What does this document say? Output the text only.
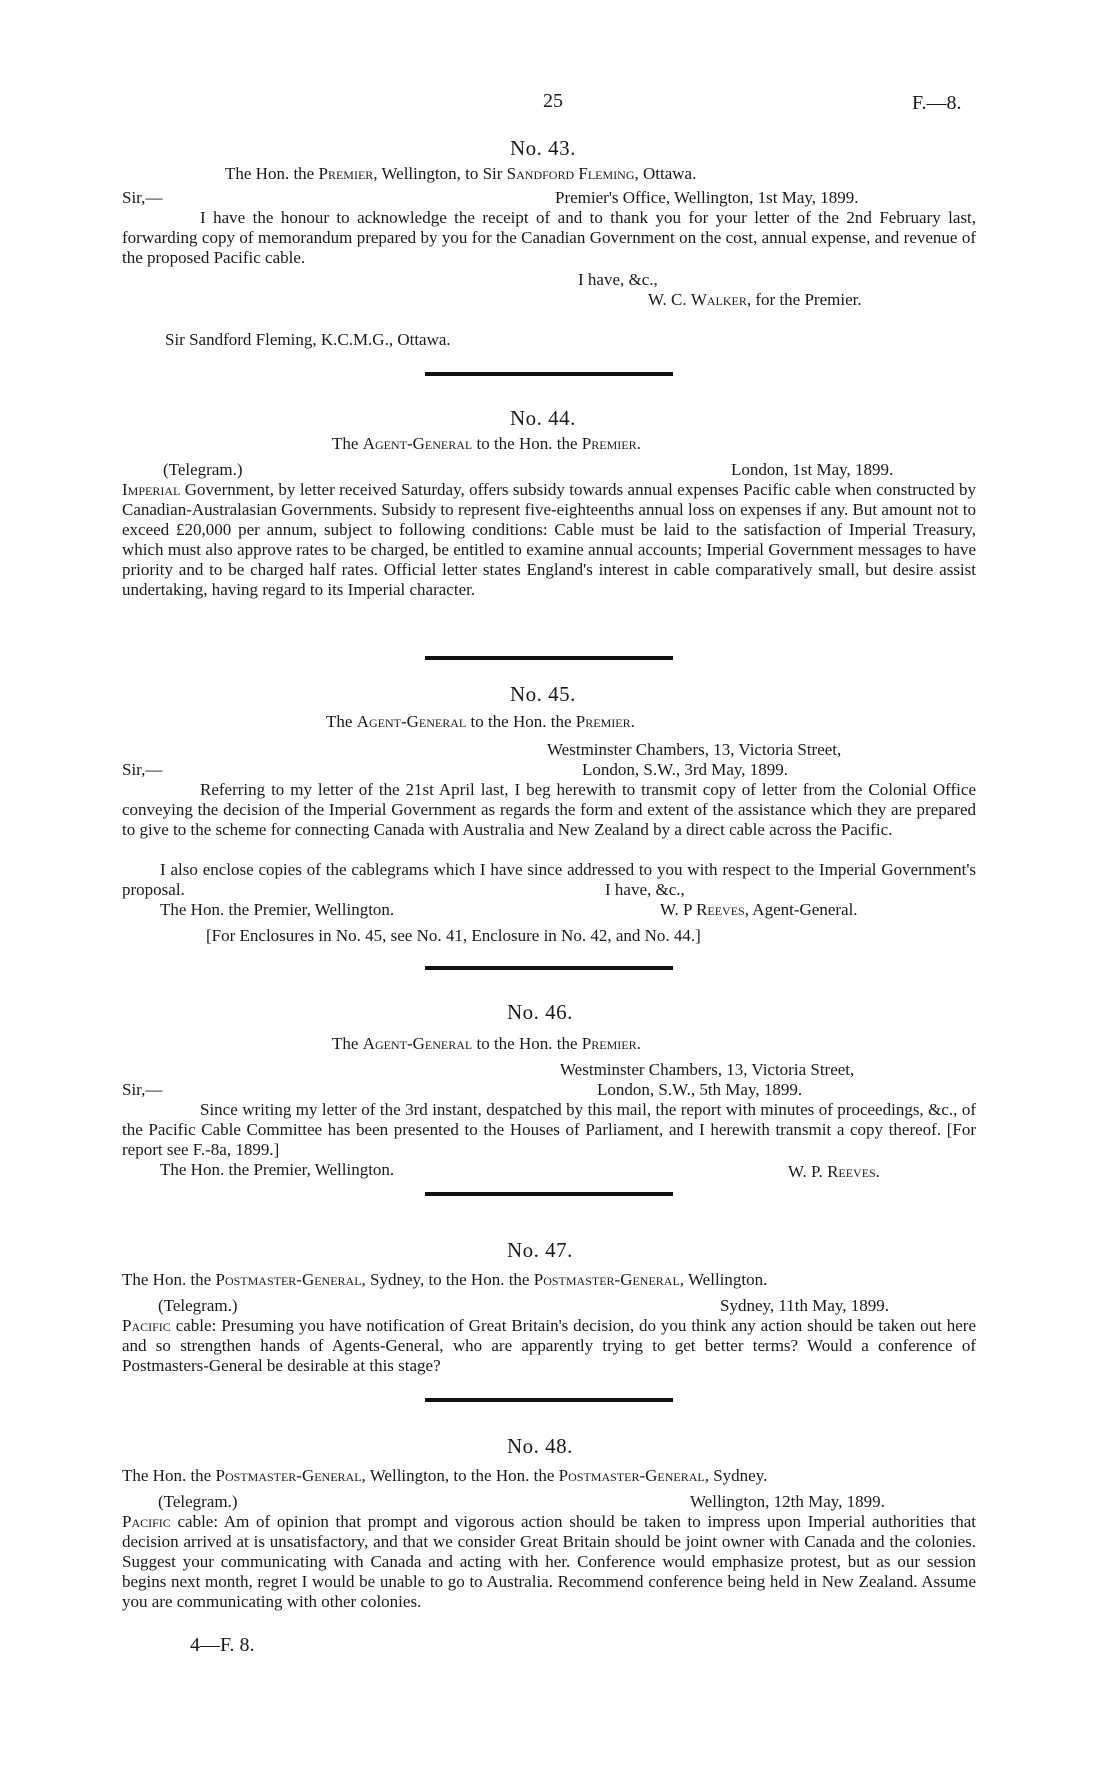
25	F.—8.
No. 43.
The Hon. the Premier, Wellington, to Sir Sandford Fleming, Ottawa.
Sir,—	Premier's Office, Wellington, 1st May, 1899.
I have the honour to acknowledge the receipt of and to thank you for your letter of the 2nd February last, forwarding copy of memorandum prepared by you for the Canadian Government on the cost, annual expense, and revenue of the proposed Pacific cable.
I have, &c.,
W. C. Walker, for the Premier.
Sir Sandford Fleming, K.C.M.G., Ottawa.
No. 44.
The Agent-General to the Hon. the Premier.
(Telegram.)	London, 1st May, 1899.
Imperial Government, by letter received Saturday, offers subsidy towards annual expenses Pacific cable when constructed by Canadian-Australasian Governments. Subsidy to represent five-eighteenths annual loss on expenses if any. But amount not to exceed £20,000 per annum, subject to following conditions: Cable must be laid to the satisfaction of Imperial Treasury, which must also approve rates to be charged, be entitled to examine annual accounts; Imperial Government messages to have priority and to be charged half rates. Official letter states England's interest in cable comparatively small, but desire assist undertaking, having regard to its Imperial character.
No. 45.
The Agent-General to the Hon. the Premier.
Westminster Chambers, 13, Victoria Street,
Sir,—	London, S.W., 3rd May, 1899.
Referring to my letter of the 21st April last, I beg herewith to transmit copy of letter from the Colonial Office conveying the decision of the Imperial Government as regards the form and extent of the assistance which they are prepared to give to the scheme for connecting Canada with Australia and New Zealand by a direct cable across the Pacific.
I also enclose copies of the cablegrams which I have since addressed to you with respect to the Imperial Government's proposal.	I have, &c.,
The Hon. the Premier, Wellington.	W. P Reeves, Agent-General.
[For Enclosures in No. 45, see No. 41, Enclosure in No. 42, and No. 44.]
No. 46.
The Agent-General to the Hon. the Premier.
Westminster Chambers, 13, Victoria Street,
Sir,—	London, S.W., 5th May, 1899.
Since writing my letter of the 3rd instant, despatched by this mail, the report with minutes of proceedings, &c., of the Pacific Cable Committee has been presented to the Houses of Parliament, and I herewith transmit a copy thereof. [For report see F.-8a, 1899.]
The Hon. the Premier, Wellington.	W. P. Reeves.
No. 47.
The Hon. the Postmaster-General, Sydney, to the Hon. the Postmaster-General, Wellington.
(Telegram.)	Sydney, 11th May, 1899.
Pacific cable: Presuming you have notification of Great Britain's decision, do you think any action should be taken out here and so strengthen hands of Agents-General, who are apparently trying to get better terms? Would a conference of Postmasters-General be desirable at this stage?
No. 48.
The Hon. the Postmaster-General, Wellington, to the Hon. the Postmaster-General, Sydney.
(Telegram.)	Wellington, 12th May, 1899.
Pacific cable: Am of opinion that prompt and vigorous action should be taken to impress upon Imperial authorities that decision arrived at is unsatisfactory, and that we consider Great Britain should be joint owner with Canada and the colonies. Suggest your communicating with Canada and acting with her. Conference would emphasize protest, but as our session begins next month, regret I would be unable to go to Australia. Recommend conference being held in New Zealand. Assume you are communicating with other colonies.
4—F. 8.
